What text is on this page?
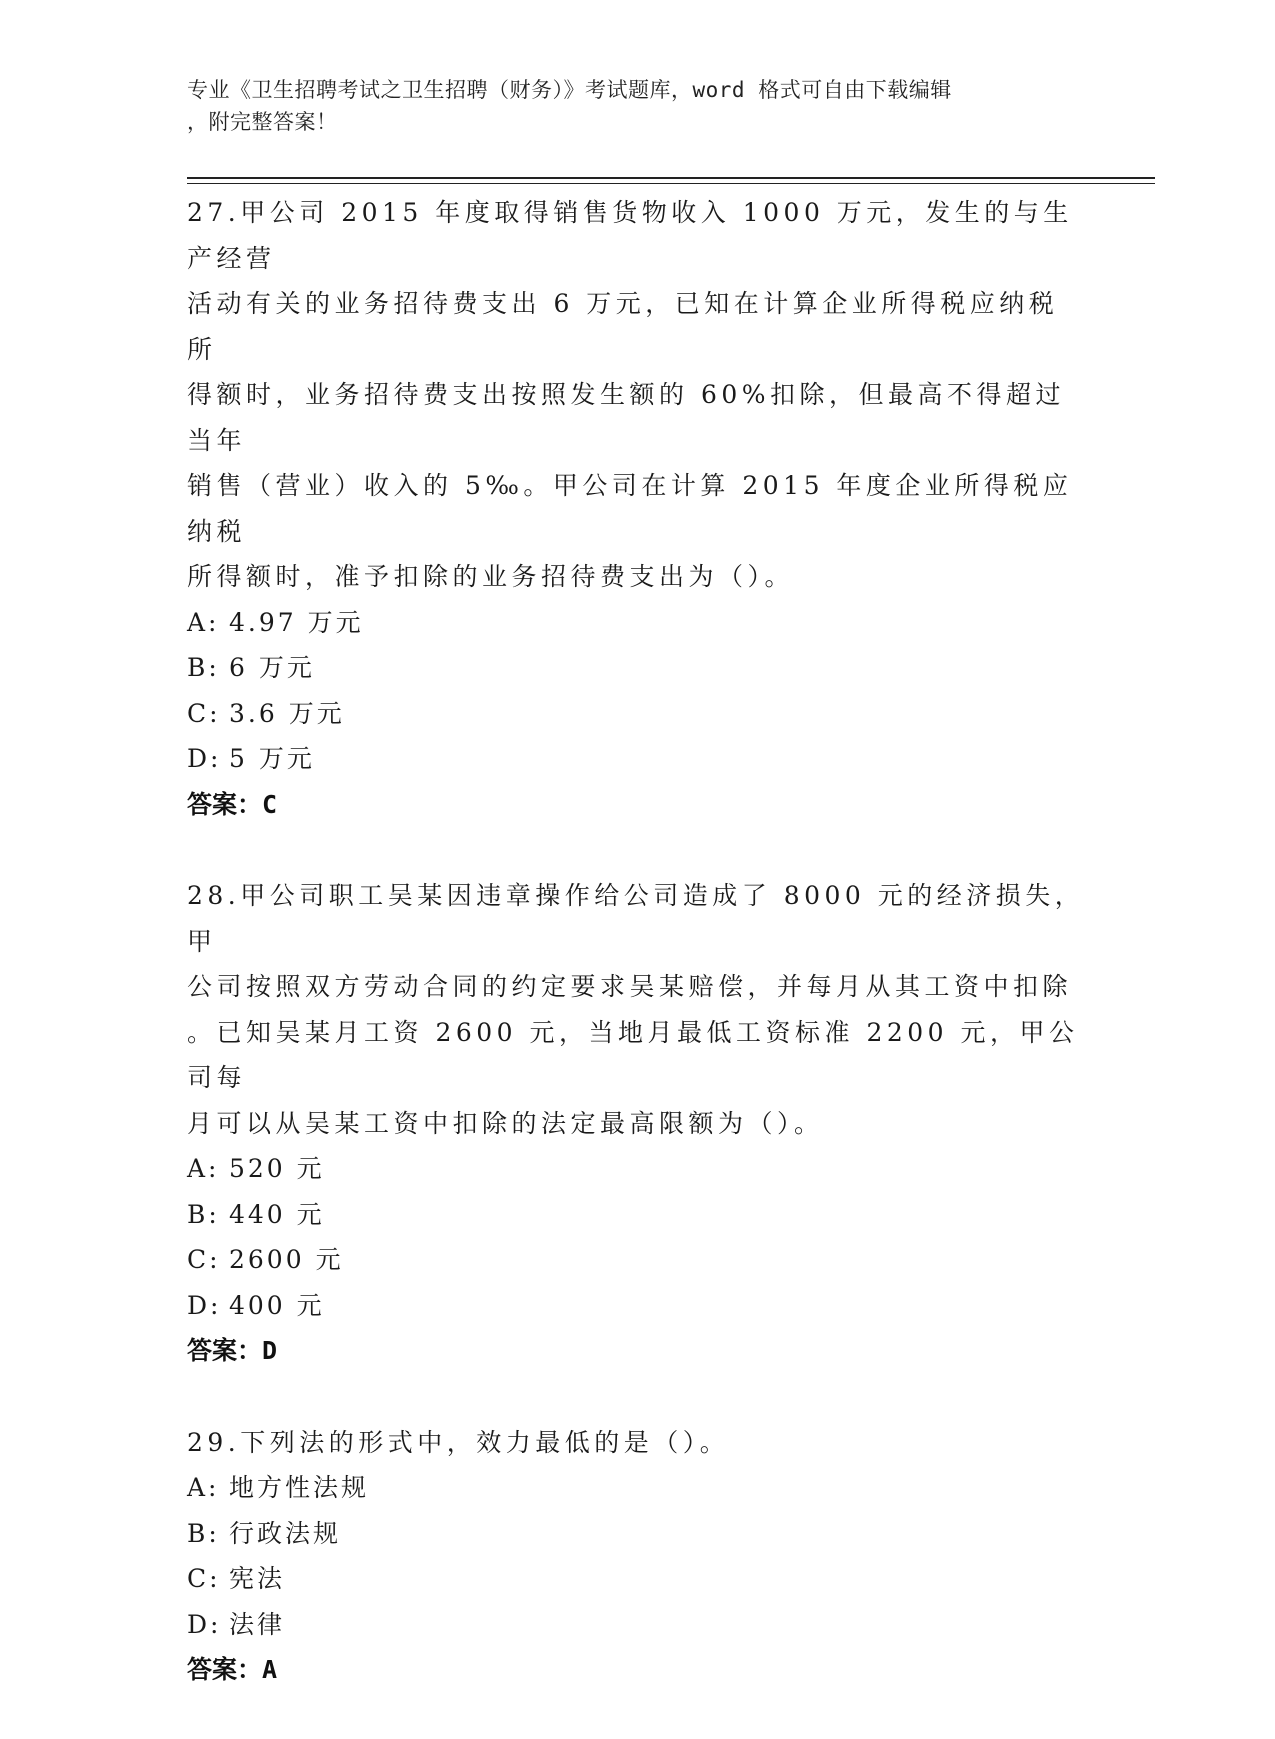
专业《卫生招聘考试之卫生招聘（财务）》考试题库，word 格式可自由下载编辑
，附完整答案！

27.甲公司 2015 年度取得销售货物收入 1000 万元，发生的与生产经营

活动有关的业务招待费支出 6 万元，已知在计算企业所得税应纳税所

得额时，业务招待费支出按照发生额的 60%扣除，但最高不得超过当年

销售（营业）收入的 5‰。甲公司在计算 2015 年度企业所得税应纳税

所得额时，准予扣除的业务招待费支出为（）。

A: 4.97 万元
B: 6 万元
C: 3.6 万元
D: 5 万元

答案：C

28.甲公司职工吴某因违章操作给公司造成了 8000 元的经济损失，甲

公司按照双方劳动合同的约定要求吴某赔偿，并每月从其工资中扣除

。已知吴某月工资 2600 元，当地月最低工资标准 2200 元，甲公司每

月可以从吴某工资中扣除的法定最高限额为（）。

A: 520 元
B: 440 元
C: 2600 元
D: 400 元

答案：D

29.下列法的形式中，效力最低的是（）。

A: 地方性法规
B: 行政法规
C: 宪法
D: 法律

答案：A
